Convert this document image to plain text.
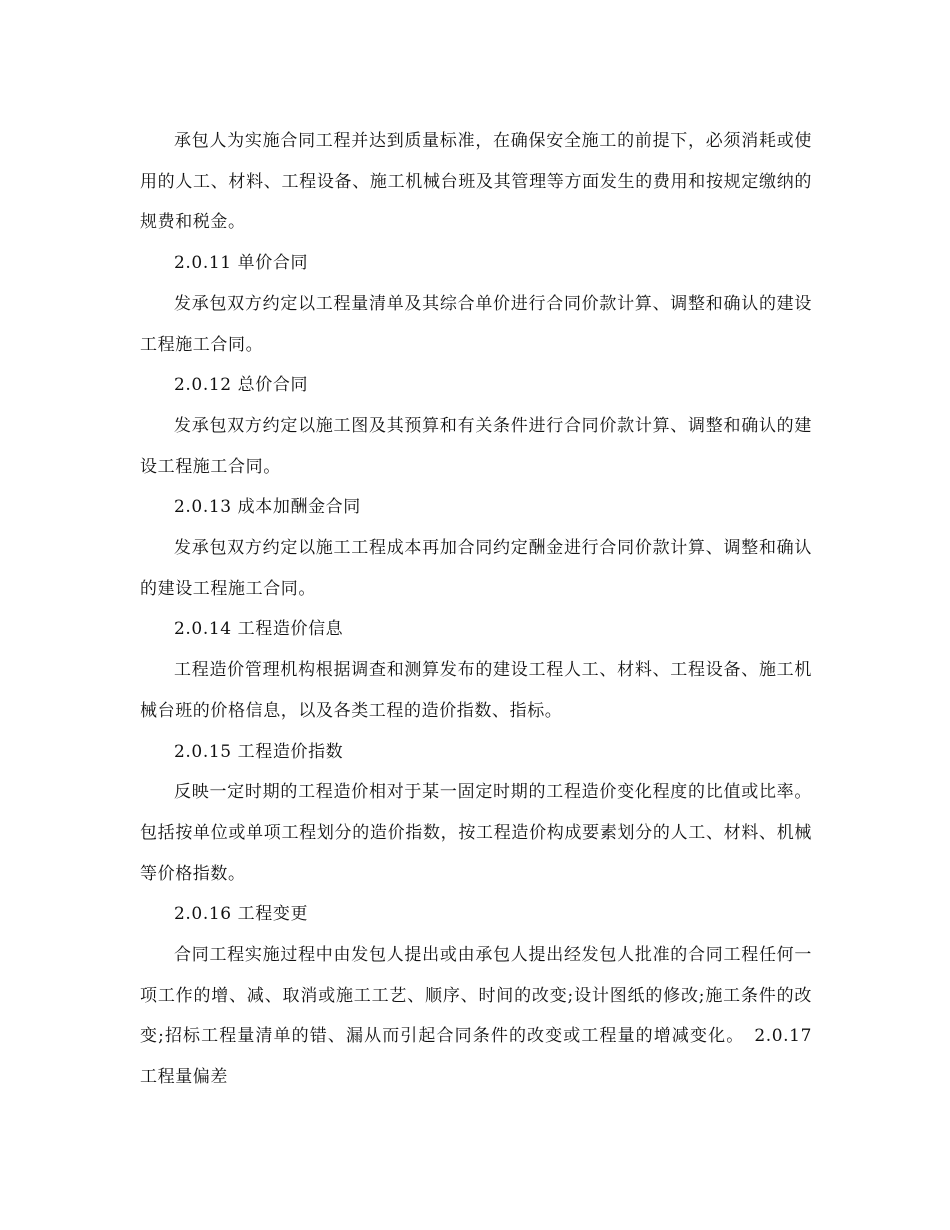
承包人为实施合同工程并达到质量标准，在确保安全施工的前提下，必须消耗或使用的人工、材料、工程设备、施工机械台班及其管理等方面发生的费用和按规定缴纳的规费和税金。

2.0.11 单价合同

发承包双方约定以工程量清单及其综合单价进行合同价款计算、调整和确认的建设工程施工合同。

2.0.12 总价合同

发承包双方约定以施工图及其预算和有关条件进行合同价款计算、调整和确认的建设工程施工合同。

2.0.13 成本加酬金合同

发承包双方约定以施工工程成本再加合同约定酬金进行合同价款计算、调整和确认的建设工程施工合同。

2.0.14 工程造价信息

工程造价管理机构根据调查和测算发布的建设工程人工、材料、工程设备、施工机械台班的价格信息，以及各类工程的造价指数、指标。

2.0.15 工程造价指数

反映一定时期的工程造价相对于某一固定时期的工程造价变化程度的比值或比率。包括按单位或单项工程划分的造价指数，按工程造价构成要素划分的人工、材料、机械等价格指数。

2.0.16 工程变更

合同工程实施过程中由发包人提出或由承包人提出经发包人批准的合同工程任何一项工作的增、减、取消或施工工艺、顺序、时间的改变;设计图纸的修改;施工条件的改变;招标工程量清单的错、漏从而引起合同条件的改变或工程量的增减变化。 2.0.17 工程量偏差
